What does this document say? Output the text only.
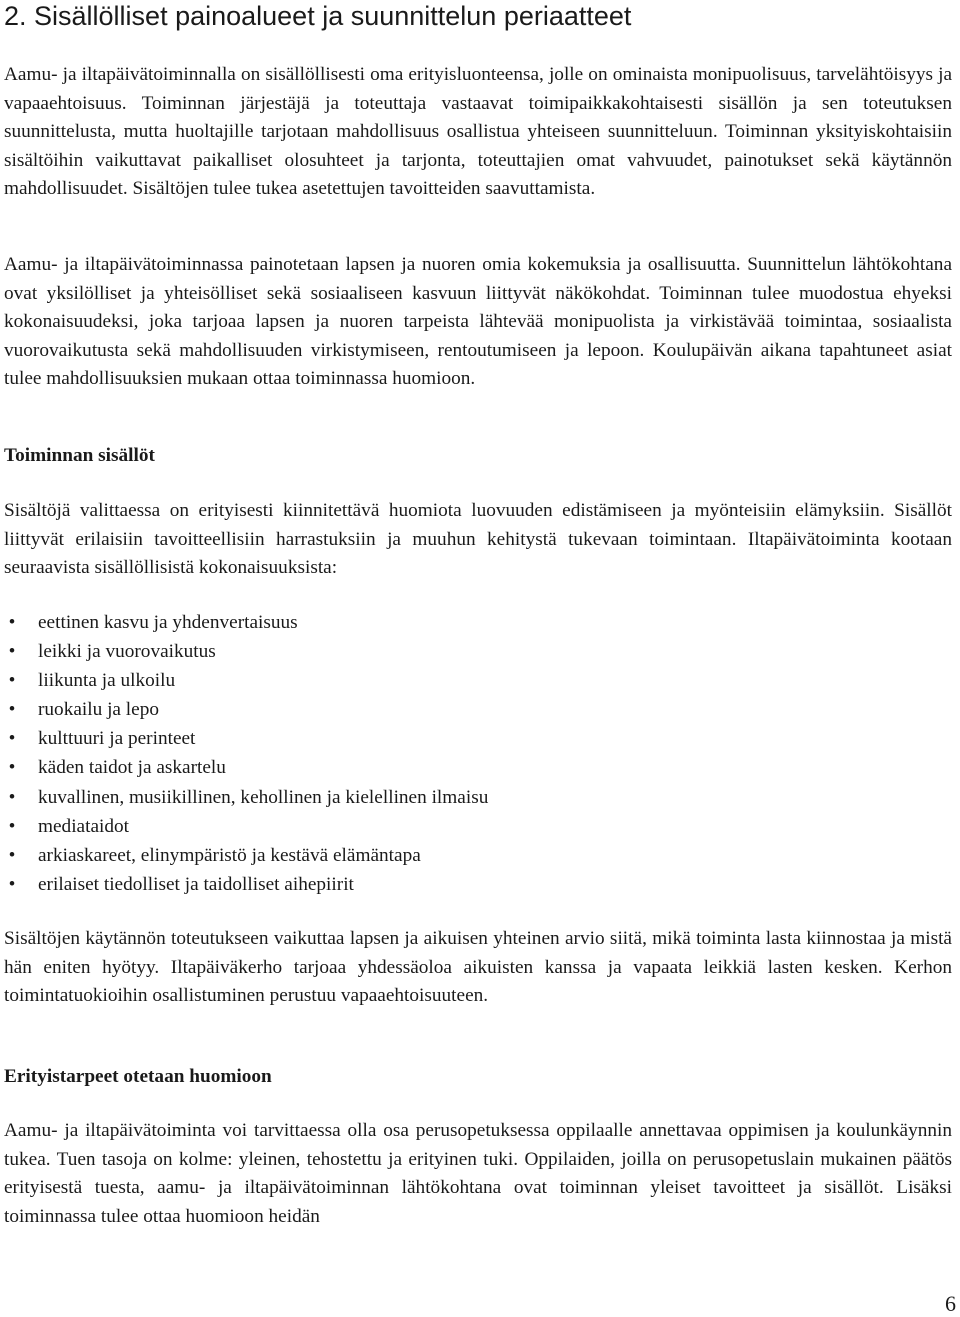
2. Sisällölliset painoalueet ja suunnittelun periaatteet

Aamu- ja iltapäivätoiminnalla on sisällöllisesti oma erityisluonteensa, jolle on ominaista monipuolisuus, tarvelähtöisyys ja vapaaehtoisuus. Toiminnan järjestäjä ja toteuttaja vastaavat toimipaikkakohtaisesti sisällön ja sen toteutuksen suunnittelusta, mutta huoltajille tarjotaan mahdollisuus osallistua yhteiseen suunnitteluun. Toiminnan yksityiskohtaisiin sisältöihin vaikuttavat paikalliset olosuhteet ja tarjonta, toteuttajien omat vahvuudet, painotukset sekä käytännön mahdollisuudet. Sisältöjen tulee tukea asetettujen tavoitteiden saavuttamista.

Aamu- ja iltapäivätoiminnassa painotetaan lapsen ja nuoren omia kokemuksia ja osallisuutta. Suunnittelun lähtökohtana ovat yksilölliset ja yhteisölliset sekä sosiaaliseen kasvuun liittyvät näkökohdat. Toiminnan tulee muodostua ehyeksi kokonaisuudeksi, joka tarjoaa lapsen ja nuoren tarpeista lähtevää monipuolista ja virkistävää toimintaa, sosiaalista vuorovaikutusta sekä mahdollisuuden virkistymiseen, rentoutumiseen ja lepoon. Koulupäivän aikana tapahtuneet asiat tulee mahdollisuuksien mukaan ottaa toiminnassa huomioon.

Toiminnan sisällöt

Sisältöjä valittaessa on erityisesti kiinnitettävä huomiota luovuuden edistämiseen ja myönteisiin elämyksiin. Sisällöt liittyvät erilaisiin tavoitteellisiin harrastuksiin ja muuhun kehitystä tukevaan toimintaan. Iltapäivätoiminta kootaan seuraavista sisällöllisistä kokonaisuuksista:

• eettinen kasvu ja yhdenvertaisuus
• leikki ja vuorovaikutus
• liikunta ja ulkoilu
• ruokailu ja lepo
• kulttuuri ja perinteet
• käden taidot ja askartelu
• kuvallinen, musiikillinen, kehollinen ja kielellinen ilmaisu
• mediataidot
• arkiaskareet, elinympäristö ja kestävä elämäntapa
• erilaiset tiedolliset ja taidolliset aihepiirit

Sisältöjen käytännön toteutukseen vaikuttaa lapsen ja aikuisen yhteinen arvio siitä, mikä toiminta lasta kiinnostaa ja mistä hän eniten hyötyy. Iltapäiväkerho tarjoaa yhdessäoloa aikuisten kanssa ja vapaata leikkiä lasten kesken. Kerhon toimintatuokioihin osallistuminen perustuu vapaaehtoisuuteen.

Erityistarpeet otetaan huomioon

Aamu- ja iltapäivätoiminta voi tarvittaessa olla osa perusopetuksessa oppilaalle annettavaa oppimisen ja koulunkäynnin tukea. Tuen tasoja on kolme: yleinen, tehostettu ja erityinen tuki. Oppilaiden, joilla on perusopetuslain mukainen päätös erityisestä tuesta, aamu- ja iltapäivätoiminnan lähtökohtana ovat toiminnan yleiset tavoitteet ja sisällöt. Lisäksi toiminnassa tulee ottaa huomioon heidän

6
